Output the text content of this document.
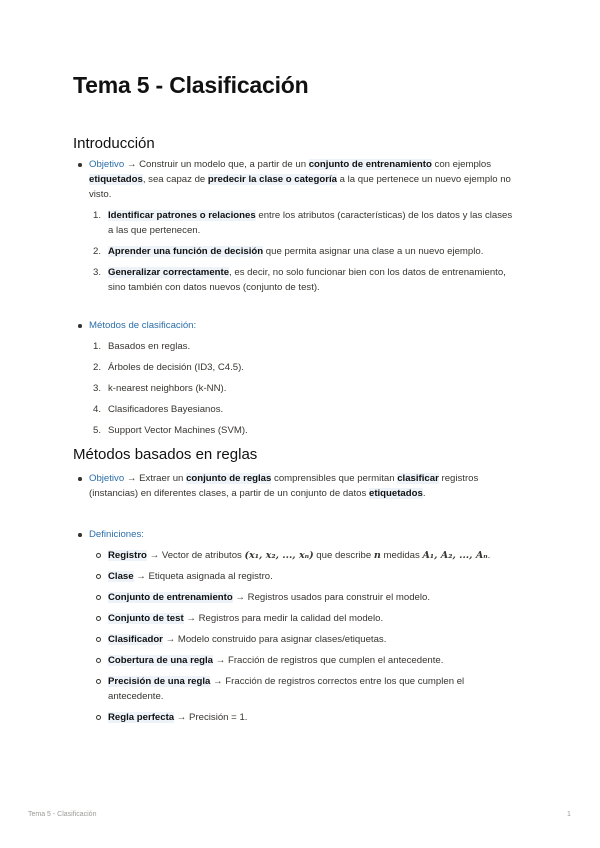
Tema 5 - Clasificación
Introducción
Objetivo → Construir un modelo que, a partir de un conjunto de entrenamiento con ejemplos etiquetados, sea capaz de predecir la clase o categoría a la que pertenece un nuevo ejemplo no visto.
1. Identificar patrones o relaciones entre los atributos (características) de los datos y las clases a las que pertenecen.
2. Aprender una función de decisión que permita asignar una clase a un nuevo ejemplo.
3. Generalizar correctamente, es decir, no solo funcionar bien con los datos de entrenamiento, sino también con datos nuevos (conjunto de test).
Métodos de clasificación:
1. Basados en reglas.
2. Árboles de decisión (ID3, C4.5).
3. k-nearest neighbors (k-NN).
4. Clasificadores Bayesianos.
5. Support Vector Machines (SVM).
Métodos basados en reglas
Objetivo → Extraer un conjunto de reglas comprensibles que permitan clasificar registros (instancias) en diferentes clases, a partir de un conjunto de datos etiquetados.
Definiciones:
Registro → Vector de atributos (x₁, x₂, ..., xₙ) que describe n medidas A₁, A₂, ..., Aₙ.
Clase → Etiqueta asignada al registro.
Conjunto de entrenamiento → Registros usados para construir el modelo.
Conjunto de test → Registros para medir la calidad del modelo.
Clasificador → Modelo construido para asignar clases/etiquetas.
Cobertura de una regla → Fracción de registros que cumplen el antecedente.
Precisión de una regla → Fracción de registros correctos entre los que cumplen el antecedente.
Regla perfecta → Precisión = 1.
Tema 5 - Clasificación	1
